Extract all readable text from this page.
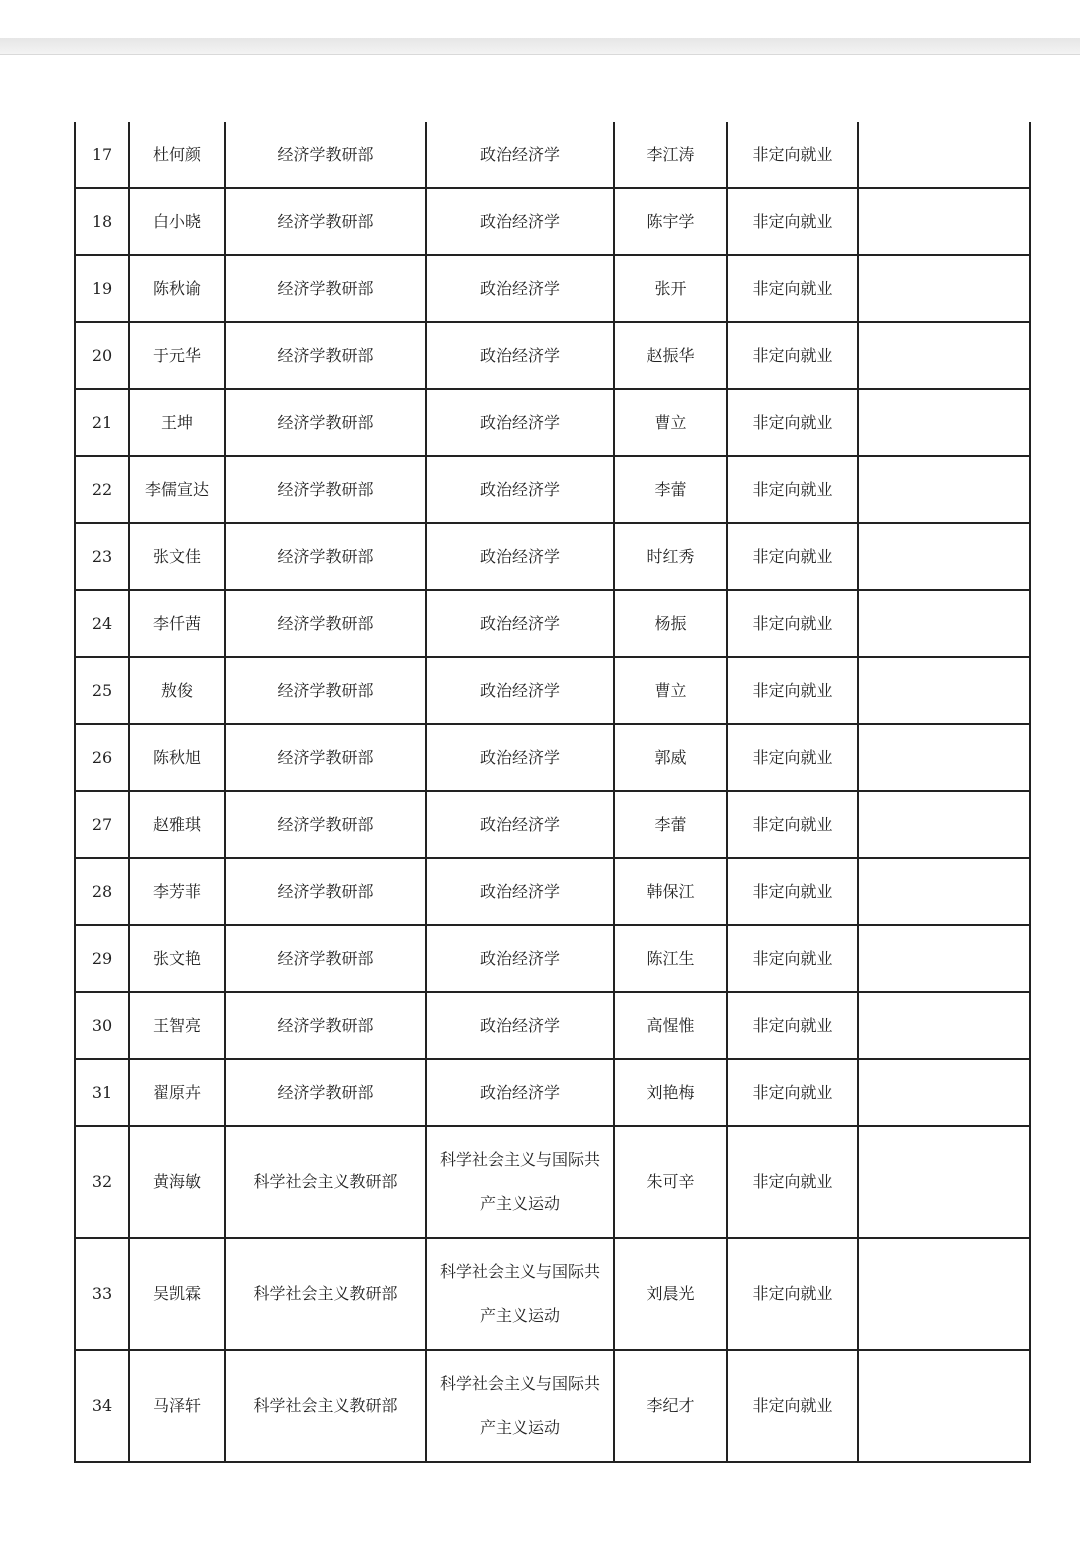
17	杜何颜	经济学教研部	政治经济学	李江涛	非定向就业	
18	白小晓	经济学教研部	政治经济学	陈宇学	非定向就业	
19	陈秋谕	经济学教研部	政治经济学	张开	非定向就业	
20	于元华	经济学教研部	政治经济学	赵振华	非定向就业	
21	王坤	经济学教研部	政治经济学	曹立	非定向就业	
22	李儒宣达	经济学教研部	政治经济学	李蕾	非定向就业	
23	张文佳	经济学教研部	政治经济学	时红秀	非定向就业	
24	李仟茜	经济学教研部	政治经济学	杨振	非定向就业	
25	敖俊	经济学教研部	政治经济学	曹立	非定向就业	
26	陈秋旭	经济学教研部	政治经济学	郭威	非定向就业	
27	赵雅琪	经济学教研部	政治经济学	李蕾	非定向就业	
28	李芳菲	经济学教研部	政治经济学	韩保江	非定向就业	
29	张文艳	经济学教研部	政治经济学	陈江生	非定向就业	
30	王智亮	经济学教研部	政治经济学	高惺惟	非定向就业	
31	翟原卉	经济学教研部	政治经济学	刘艳梅	非定向就业	
32	黄海敏	科学社会主义教研部	科学社会主义与国际共产主义运动	朱可辛	非定向就业	
33	吴凯霖	科学社会主义教研部	科学社会主义与国际共产主义运动	刘晨光	非定向就业	
34	马泽轩	科学社会主义教研部	科学社会主义与国际共产主义运动	李纪才	非定向就业	
